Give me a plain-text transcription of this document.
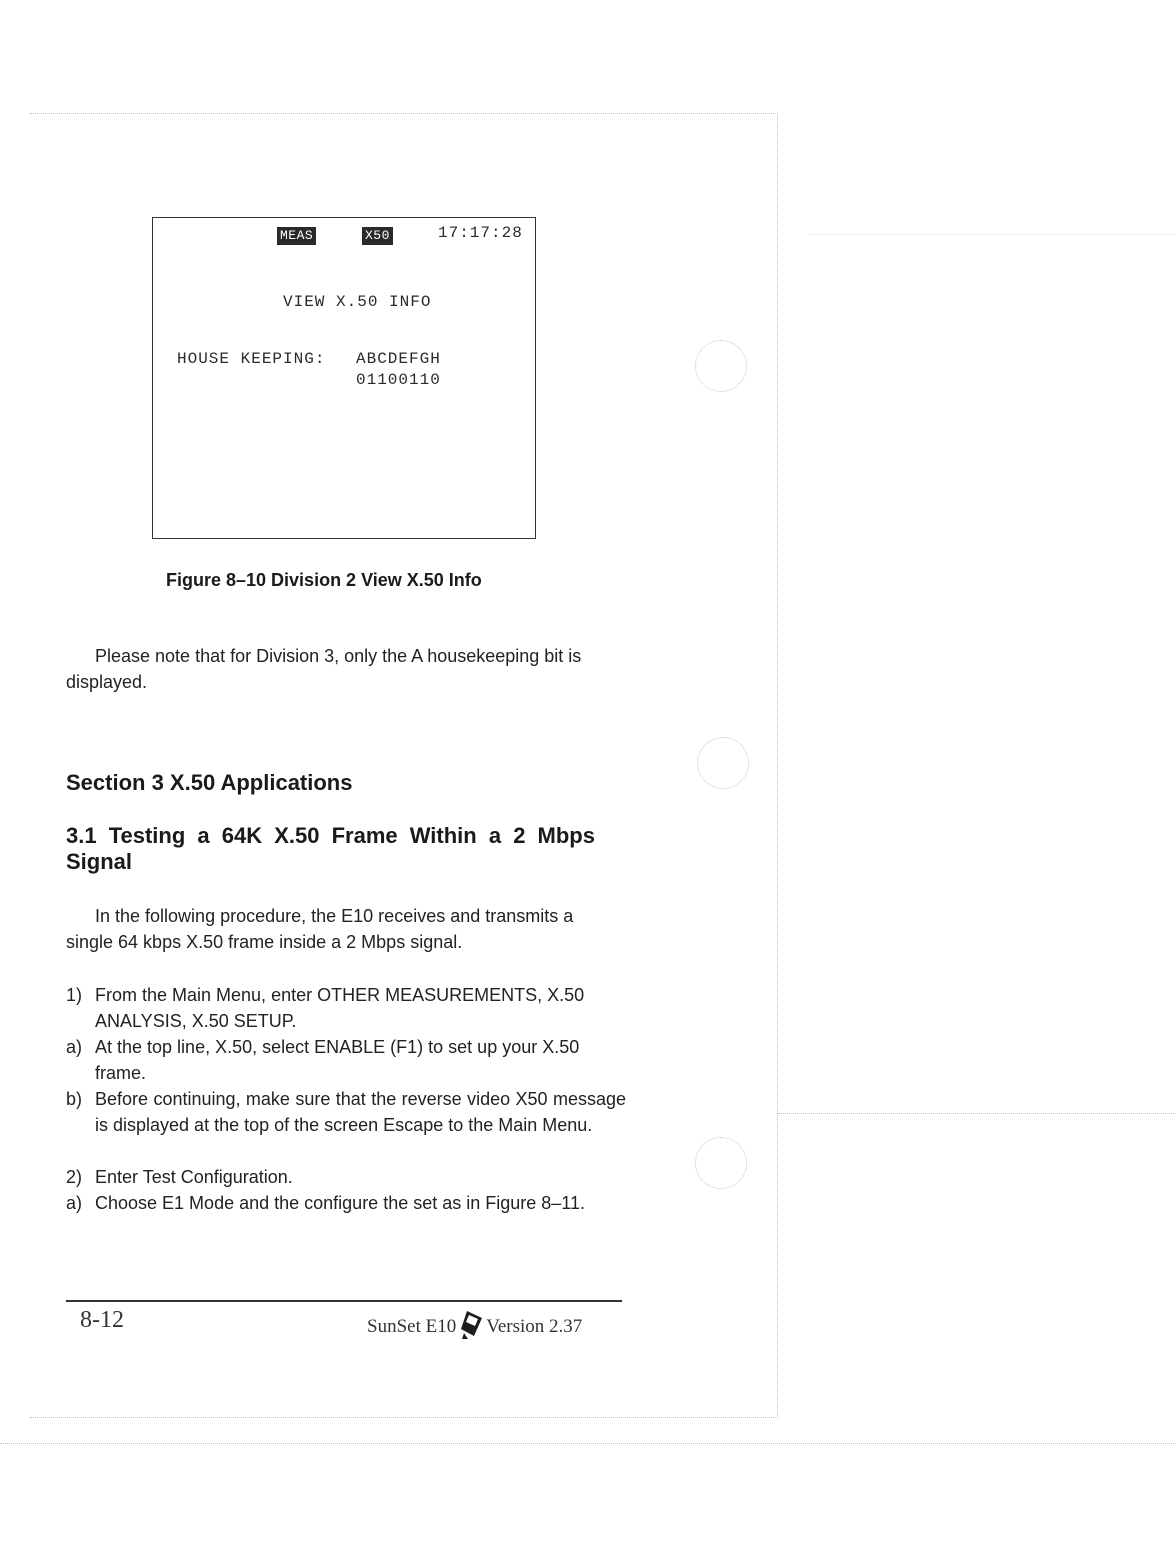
MEAS	X50	17:17:28
VIEW X.50 INFO
HOUSE KEEPING: ABCDEFGH
01100110
Figure 8–10 Division 2 View X.50 Info
Please note that for Division 3, only the A housekeeping bit is
displayed.
Section 3 X.50 Applications
3.1 Testing a 64K X.50 Frame Within a 2 Mbps
Signal
In the following procedure, the E10 receives and transmits a
single 64 kbps X.50 frame inside a 2 Mbps signal.
1) From the Main Menu, enter OTHER MEASUREMENTS, X.50 ANALYSIS, X.50 SETUP.
a) At the top line, X.50, select ENABLE (F1) to set up your X.50 frame.
b) Before continuing, make sure that the reverse video X50 message is displayed at the top of the screen Escape to the Main Menu.
2) Enter Test Configuration.
a) Choose E1 Mode and the configure the set as in Figure 8–11.
8-12	SunSet E10 Version 2.37
